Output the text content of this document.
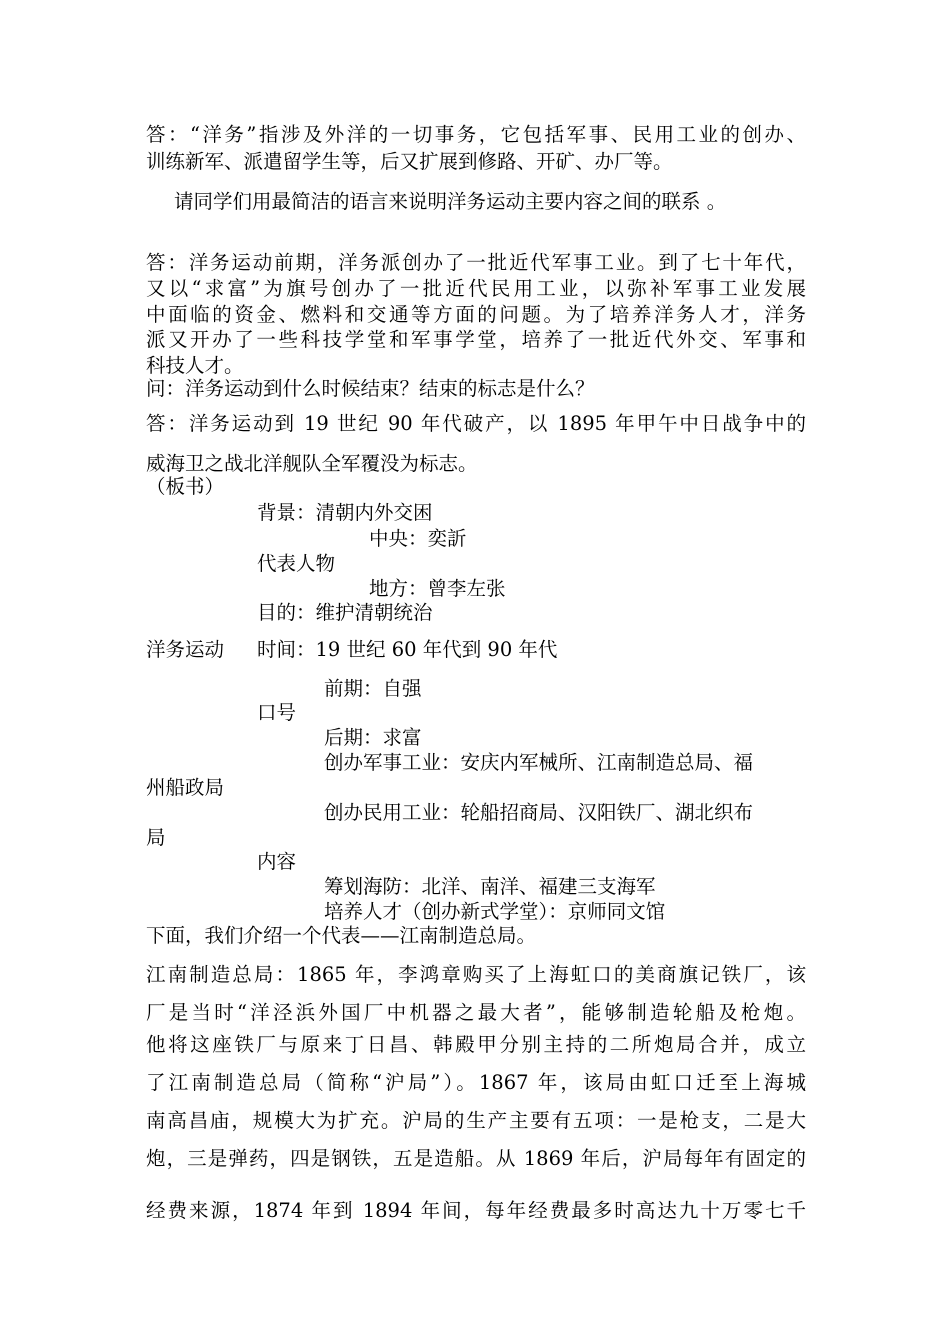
答：“洋务”指涉及外洋的一切事务，它包括军事、民用工业的创办、
训练新军、派遣留学生等，后又扩展到修路、开矿、办厂等。
请同学们用最简洁的语言来说明洋务运动主要内容之间的联系 。
答：洋务运动前期，洋务派创办了一批近代军事工业。到了七十年代，
又以“求富”为旗号创办了一批近代民用工业，以弥补军事工业发展
中面临的资金、燃料和交通等方面的问题。为了培养洋务人才，洋务
派又开办了一些科技学堂和军事学堂，培养了一批近代外交、军事和
科技人才。
问：洋务运动到什么时候结束？结束的标志是什么？
答：洋务运动到 19 世纪 90 年代破产，以 1895 年甲午中日战争中的
威海卫之战北洋舰队全军覆没为标志。
（板书）
背景：清朝内外交困
中央：奕訢
代表人物
地方：曾李左张
目的：维护清朝统治
洋务运动	时间：19 世纪 60 年代到 90 年代
前期：自强
口号
后期：求富
创办军事工业：安庆内军械所、江南制造总局、福
州船政局
创办民用工业：轮船招商局、汉阳铁厂、湖北织布
局
内容
筹划海防：北洋、南洋、福建三支海军
培养人才（创办新式学堂）：京师同文馆
下面，我们介绍一个代表——江南制造总局。
江南制造总局：1865 年，李鸿章购买了上海虹口的美商旗记铁厂，该
厂是当时“洋泾浜外国厂中机器之最大者”，能够制造轮船及枪炮。
他将这座铁厂与原来丁日昌、韩殿甲分别主持的二所炮局合并，成立
了江南制造总局（简称“沪局”）。1867 年，该局由虹口迁至上海城
南高昌庙，规模大为扩充。沪局的生产主要有五项：一是枪支，二是大
炮，三是弹药，四是钢铁，五是造船。从 1869 年后，沪局每年有固定的
经费来源，1874 年到 1894 年间，每年经费最多时高达九十万零七千
